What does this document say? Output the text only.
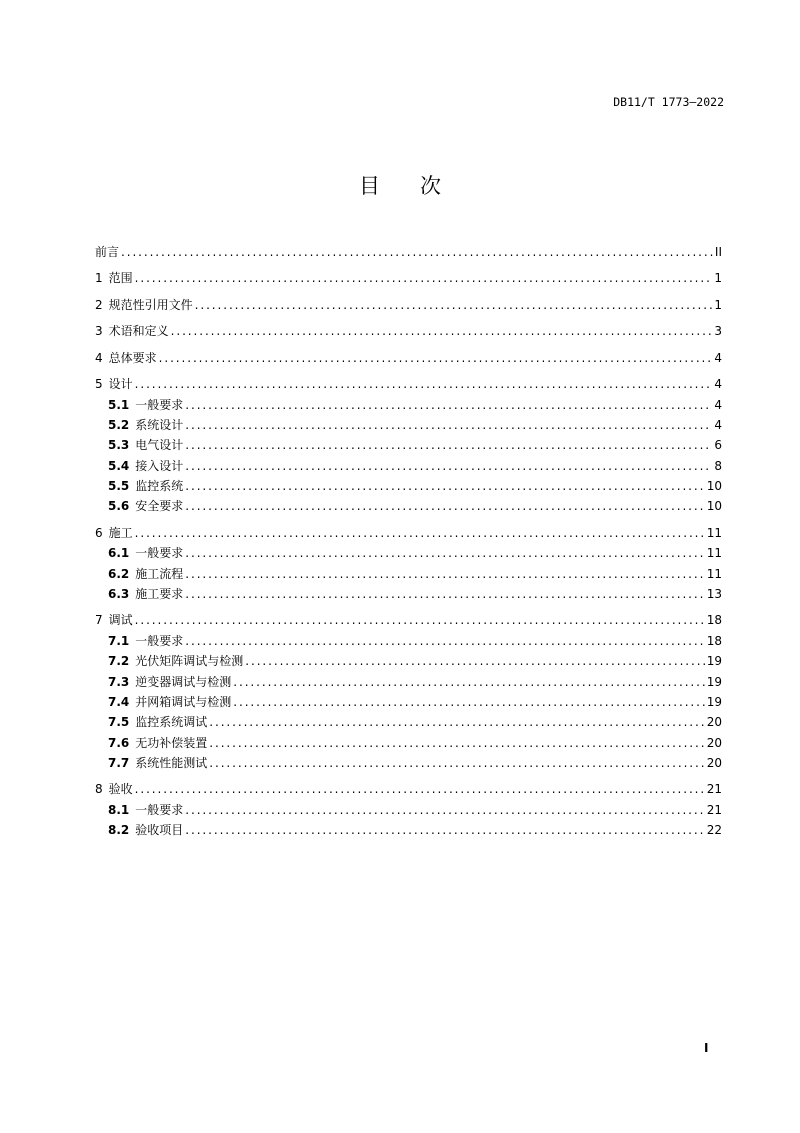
DB11/T 1773—2022
目次
前言 .....	II
1 范围 .....	1
2 规范性引用文件 .....	1
3 术语和定义 .....	3
4 总体要求 .....	4
5 设计 .....	4
5.1 一般要求 .....	4
5.2 系统设计 .....	4
5.3 电气设计 .....	6
5.4 接入设计 .....	8
5.5 监控系统 .....	10
5.6 安全要求 .....	10
6 施工 .....	11
6.1 一般要求 .....	11
6.2 施工流程 .....	11
6.3 施工要求 .....	13
7 调试 .....	18
7.1 一般要求 .....	18
7.2 光伏矩阵调试与检测 .....	19
7.3 逆变器调试与检测 .....	19
7.4 并网箱调试与检测 .....	19
7.5 监控系统调试 .....	20
7.6 无功补偿装置 .....	20
7.7 系统性能测试 .....	20
8 验收 .....	21
8.1 一般要求 .....	21
8.2 验收项目 .....	22
I
